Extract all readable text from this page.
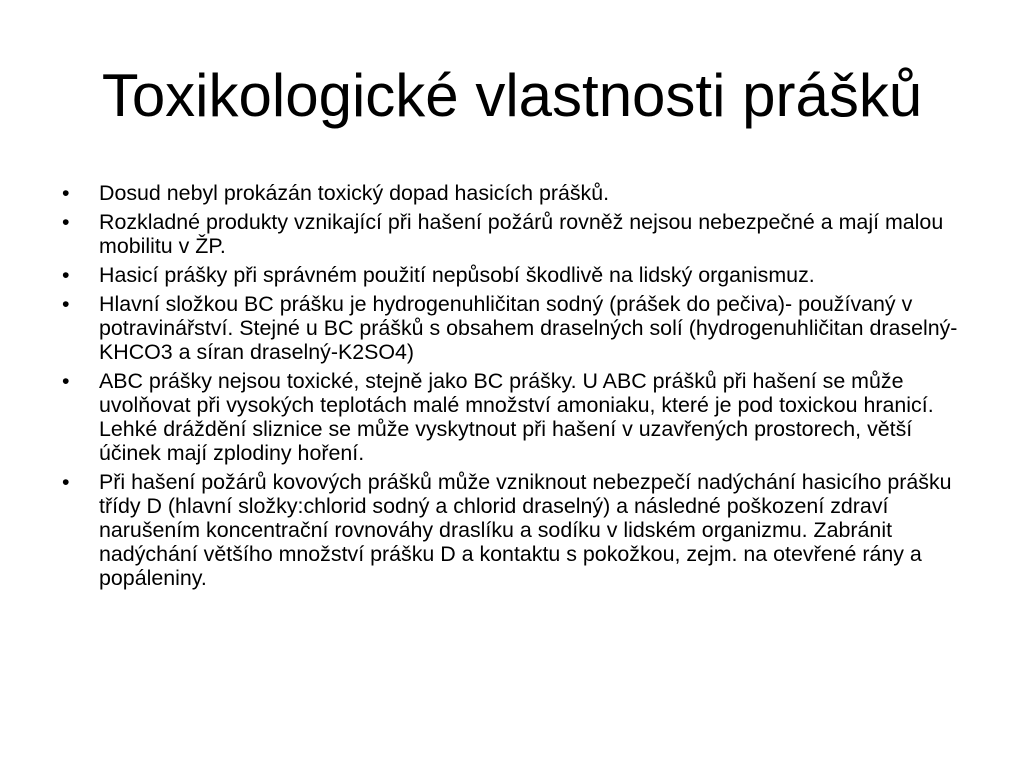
Toxikologické vlastnosti prášků
•	Dosud nebyl prokázán toxický dopad hasicích prášků.
•	Rozkladné produkty vznikající při hašení požárů rovněž nejsou nebezpečné a mají malou mobilitu v ŽP.
•	Hasicí prášky při správném použití nepůsobí škodlivě na lidský organismuz.
•	Hlavní složkou BC prášku je hydrogenuhličitan sodný (prášek do pečiva)- používaný v potravinářství. Stejné u BC prášků s obsahem draselných solí (hydrogenuhličitan draselný-KHCO3 a síran draselný-K2SO4)
•	ABC prášky nejsou toxické, stejně jako BC prášky. U ABC prášků při hašení se může uvolňovat při vysokých teplotách malé množství amoniaku, které je pod toxickou hranicí. Lehké dráždění sliznice se může vyskytnout při hašení v uzavřených prostorech, větší účinek mají zplodiny hoření.
•	Při hašení požárů kovových prášků může vzniknout nebezpečí nadýchání hasicího prášku třídy D (hlavní složky:chlorid sodný a chlorid draselný) a následné poškození zdraví narušením koncentrační rovnováhy draslíku a sodíku v lidském organizmu. Zabránit nadýchání většího množství prášku D a kontaktu s pokožkou, zejm. na otevřené rány a popáleniny.
